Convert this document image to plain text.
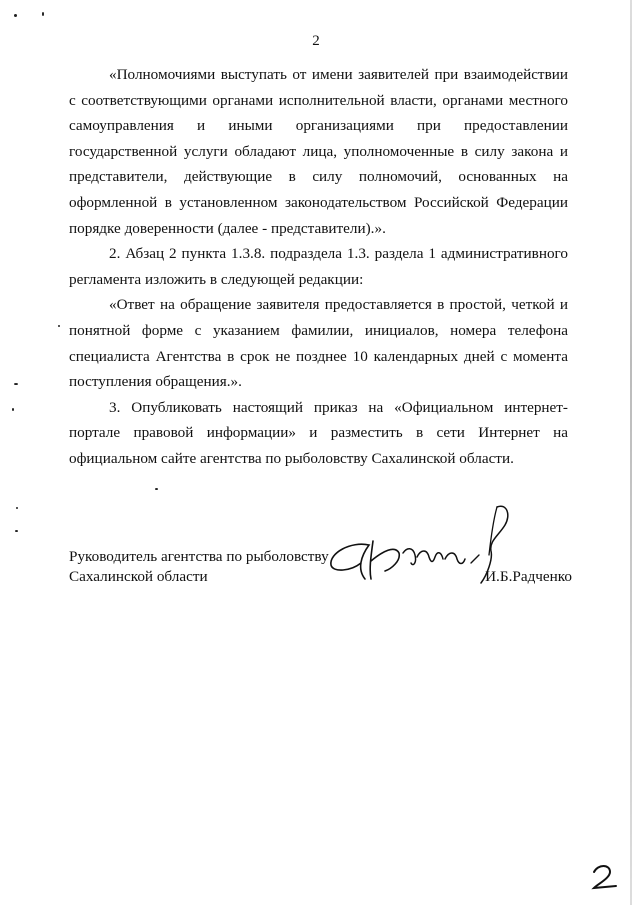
2

«Полномочиями выступать от имени заявителей при взаимодействии с соответствующими органами исполнительной власти, органами местного самоуправления и иными организациями при предоставлении государственной услуги обладают лица, уполномоченные в силу закона и представители, действующие в силу полномочий, основанных на оформленной в установленном законодательством Российской Федерации порядке доверенности (далее - представители).».

2. Абзац 2 пункта 1.3.8. подраздела 1.3. раздела 1 административного регламента изложить в следующей редакции:

«Ответ на обращение заявителя предоставляется в простой, четкой и понятной форме с указанием фамилии, инициалов, номера телефона специалиста Агентства в срок не позднее 10 календарных дней с момента поступления обращения.».

3. Опубликовать настоящий приказ на «Официальном интернет-портале правовой информации» и разместить в сети Интернет на официальном сайте агентства по рыболовству Сахалинской области.

Руководитель агентства по рыболовству
Сахалинской области	И.Б.Радченко
